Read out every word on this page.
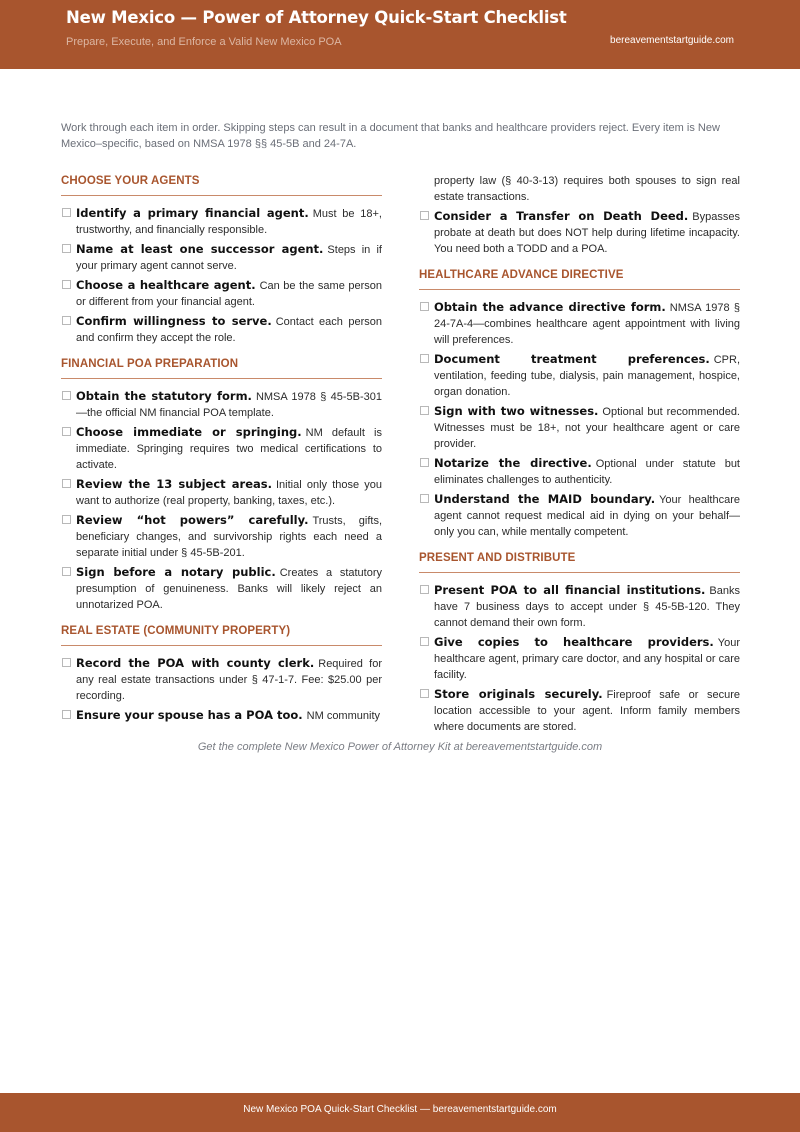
New Mexico — Power of Attorney Quick-Start Checklist
Prepare, Execute, and Enforce a Valid New Mexico POA	bereavementstartguide.com
Work through each item in order. Skipping steps can result in a document that banks and healthcare providers reject. Every item is New Mexico–specific, based on NMSA 1978 §§ 45-5B and 24-7A.
CHOOSE YOUR AGENTS
Identify a primary financial agent. Must be 18+, trustworthy, and financially responsible.
Name at least one successor agent. Steps in if your primary agent cannot serve.
Choose a healthcare agent. Can be the same person or different from your financial agent.
Confirm willingness to serve. Contact each person and confirm they accept the role.
FINANCIAL POA PREPARATION
Obtain the statutory form. NMSA 1978 § 45-5B-301—the official NM financial POA template.
Choose immediate or springing. NM default is immediate. Springing requires two medical certifications to activate.
Review the 13 subject areas. Initial only those you want to authorize (real property, banking, taxes, etc.).
Review “hot powers” carefully. Trusts, gifts, beneficiary changes, and survivorship rights each need a separate initial under § 45-5B-201.
Sign before a notary public. Creates a statutory presumption of genuineness. Banks will likely reject an unnotarized POA.
REAL ESTATE (COMMUNITY PROPERTY)
Record the POA with county clerk. Required for any real estate transactions under § 47-1-7. Fee: $25.00 per recording.
Ensure your spouse has a POA too. NM community
property law (§ 40-3-13) requires both spouses to sign real estate transactions.
Consider a Transfer on Death Deed. Bypasses probate at death but does NOT help during lifetime incapacity. You need both a TODD and a POA.
HEALTHCARE ADVANCE DIRECTIVE
Obtain the advance directive form. NMSA 1978 § 24-7A-4—combines healthcare agent appointment with living will preferences.
Document treatment preferences. CPR, ventilation, feeding tube, dialysis, pain management, hospice, organ donation.
Sign with two witnesses. Optional but recommended. Witnesses must be 18+, not your healthcare agent or care provider.
Notarize the directive. Optional under statute but eliminates challenges to authenticity.
Understand the MAID boundary. Your healthcare agent cannot request medical aid in dying on your behalf—only you can, while mentally competent.
PRESENT AND DISTRIBUTE
Present POA to all financial institutions. Banks have 7 business days to accept under § 45-5B-120. They cannot demand their own form.
Give copies to healthcare providers. Your healthcare agent, primary care doctor, and any hospital or care facility.
Store originals securely. Fireproof safe or secure location accessible to your agent. Inform family members where documents are stored.
Get the complete New Mexico Power of Attorney Kit at bereavementstartguide.com
New Mexico POA Quick-Start Checklist — bereavementstartguide.com
